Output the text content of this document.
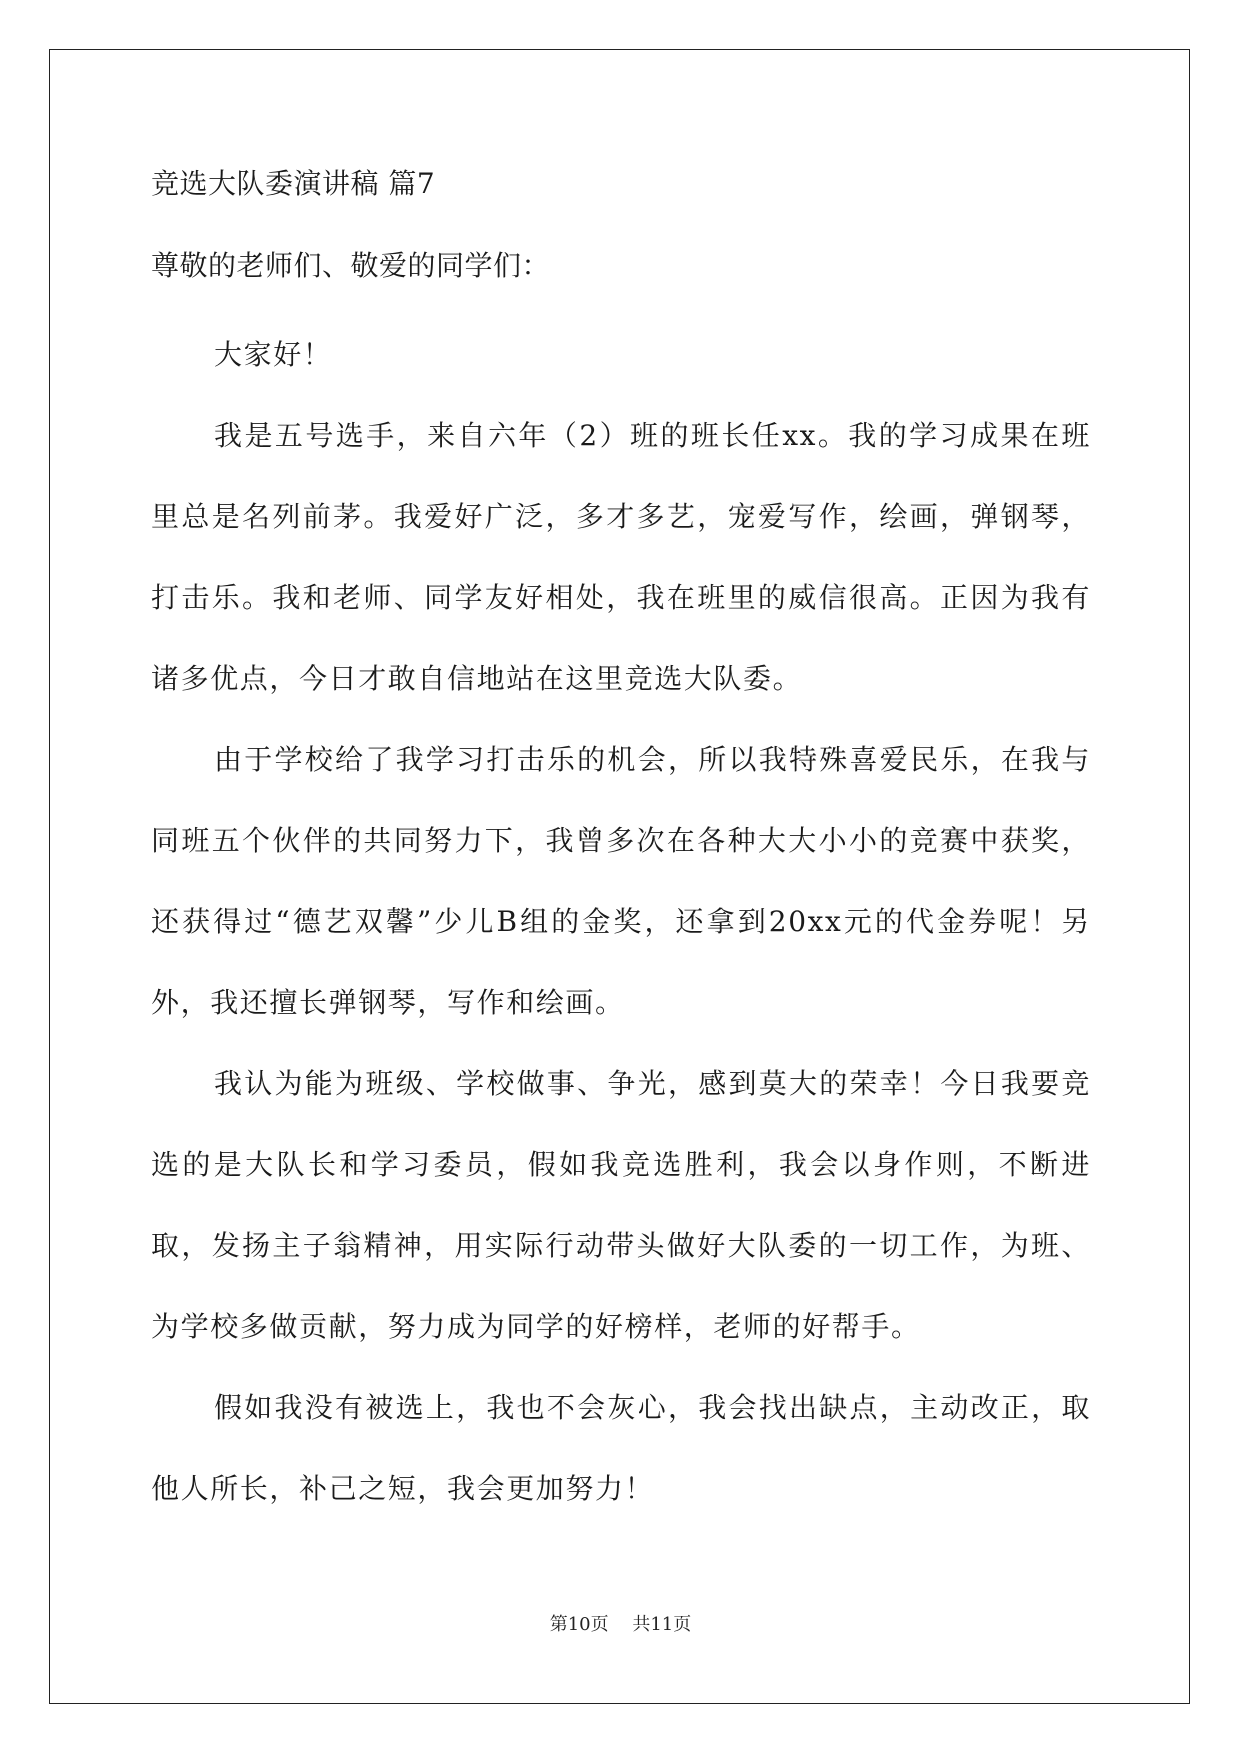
竞选大队委演讲稿 篇7
尊敬的老师们、敬爱的同学们：

大家好！

我是五号选手，来自六年（2）班的班长任xx。我的学习成果在班里总是名列前茅。我爱好广泛，多才多艺，宠爱写作，绘画，弹钢琴，打击乐。我和老师、同学友好相处，我在班里的威信很高。正因为我有诸多优点，今日才敢自信地站在这里竞选大队委。

由于学校给了我学习打击乐的机会，所以我特殊喜爱民乐，在我与同班五个伙伴的共同努力下，我曾多次在各种大大小小的竞赛中获奖，还获得过“德艺双馨”少儿B组的金奖，还拿到20xx元的代金券呢！另外，我还擅长弹钢琴，写作和绘画。

我认为能为班级、学校做事、争光，感到莫大的荣幸！今日我要竞选的是大队长和学习委员，假如我竞选胜利，我会以身作则，不断进取，发扬主子翁精神，用实际行动带头做好大队委的一切工作，为班、为学校多做贡献，努力成为同学的好榜样，老师的好帮手。

假如我没有被选上，我也不会灰心，我会找出缺点，主动改正，取他人所长，补己之短，我会更加努力！

第10页 共11页
